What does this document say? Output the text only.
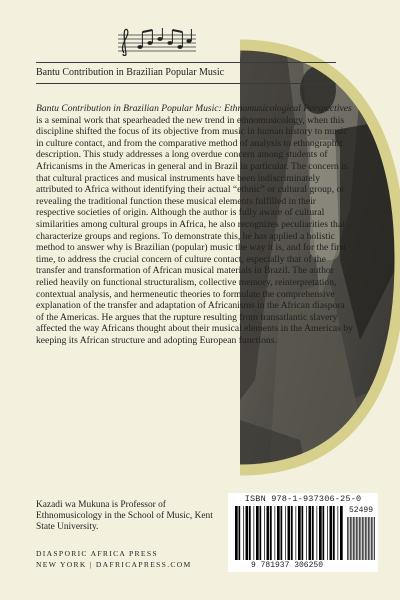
Bantu Contribution in Brazilian Popular Music

Bantu Contribution in Brazilian Popular Music: Ethnomusicological Perspectives is a seminal work that spearheaded the new trend in ethnomusicology, when this discipline shifted the focus of its objective from music in human history to music in culture contact, and from the comparative method of analysis to ethnographic description. This study addresses a long overdue concern among students of Africanisms in the Americas in general and in Brazil in particular. The concern is that cultural practices and musical instruments have been indiscriminately attributed to Africa without identifying their actual “ethnic” or cultural group, or revealing the traditional function these musical elements fulfilled in their respective societies of origin. Although the author is fully aware of cultural similarities among cultural groups in Africa, he also recognizes peculiarities that characterize groups and regions. To demonstrate this, he has applied a holistic method to answer why is Brazilian (popular) music the way it is, and for the first time, to address the crucial concern of culture contact, especially that of the transfer and transformation of African musical materials in Brazil. The author relied heavily on functional structuralism, collective memory, reinterpretation, contextual analysis, and hermeneutic theories to formulate the comprehensive explanation of the transfer and adaptation of Africanisms in the African diaspora of the Americas. He argues that the rupture resulting from transatlantic slavery affected the way Africans thought about their musical elements in the Americas by keeping its African structure and adopting European functions.

Kazadi wa Mukuna is Professor of Ethnomusicology in the School of Music, Kent State University.

DIASPORIC AFRICA PRESS
NEW YORK | DAFRICAPRESS.COM
ISBN 978-1-937306-25-0
52499
9 781937 306250
